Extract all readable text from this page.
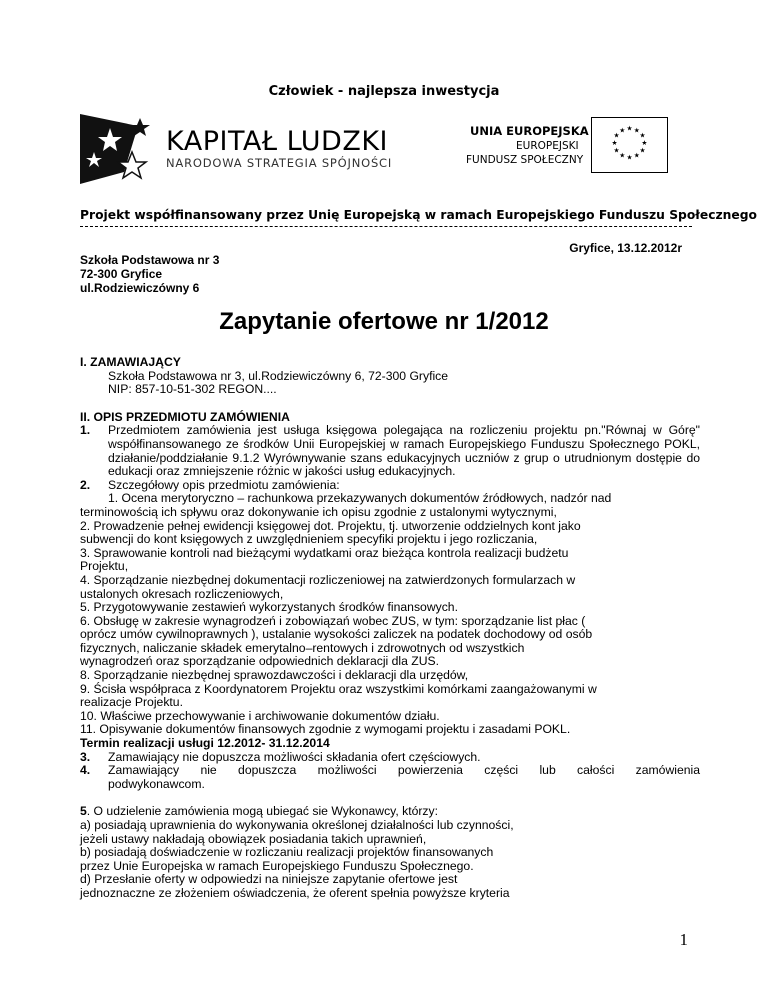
Człowiek - najlepsza inwestycja
KAPITAŁ LUDZKI
NARODOWA STRATEGIA SPÓJNOŚCI
UNIA EUROPEJSKA
EUROPEJSKI
FUNDUSZ SPOŁECZNY
★ ★
★
★
★
★
★
★
★
★
★
★
Projekt współfinansowany przez Unię Europejską w ramach Europejskiego Funduszu Społecznego
Gryfice, 13.12.2012r
Szkoła Podstawowa nr 3
72-300 Gryfice
ul.Rodziewiczówny 6
Zapytanie ofertowe nr 1/2012

I. ZAMAWIAJĄCY

Szkoła Podstawowa nr 3, ul.Rodziewiczówny 6, 72-300 Gryfice

NIP: 857-10-51-302 REGON....

II. OPIS PRZEDMIOTU ZAMÓWIENIA

1.	Przedmiotem zamówienia jest usługa księgowa polegająca na rozliczeniu projektu pn."Równaj w Górę" współfinansowanego ze środków Unii Europejskiej w ramach Europejskiego Funduszu Społecznego POKL, działanie/poddziałanie 9.1.2 Wyrównywanie szans edukacyjnych uczniów z grup o utrudnionym dostępie do edukacji oraz zmniejszenie różnic w jakości usług edukacyjnych.
2.	Szczegółowy opis przedmiotu zamówienia:

1. Ocena merytoryczno – rachunkowa przekazywanych dokumentów źródłowych, nadzór nad

terminowością ich spływu oraz dokonywanie ich opisu zgodnie z ustalonymi wytycznymi,

2. Prowadzenie pełnej ewidencji księgowej dot. Projektu, tj. utworzenie oddzielnych kont jako

subwencji do kont księgowych z uwzględnieniem specyfiki projektu i jego rozliczania,

3. Sprawowanie kontroli nad bieżącymi wydatkami oraz bieżąca kontrola realizacji budżetu

Projektu,

4. Sporządzanie niezbędnej dokumentacji rozliczeniowej na zatwierdzonych formularzach w

ustalonych okresach rozliczeniowych,

5. Przygotowywanie zestawień wykorzystanych środków finansowych.

6. Obsługę w zakresie wynagrodzeń i zobowiązań wobec ZUS, w tym: sporządzanie list płac (

oprócz umów cywilnoprawnych ), ustalanie wysokości zaliczek na podatek dochodowy od osób

fizycznych, naliczanie składek emerytalno–rentowych i zdrowotnych od wszystkich

wynagrodzeń oraz sporządzanie odpowiednich deklaracji dla ZUS.

8. Sporządzanie niezbędnej sprawozdawczości i deklaracji dla urzędów,

9. Ścisła współpraca z Koordynatorem Projektu oraz wszystkimi komórkami zaangażowanymi w

realizacje Projektu.

10. Właściwe przechowywanie i archiwowanie dokumentów działu.

11. Opisywanie dokumentów finansowych zgodnie z wymogami projektu i zasadami POKL.

Termin realizacji usługi 12.2012- 31.12.2014

3.	Zamawiający nie dopuszcza możliwości składania ofert częściowych.
4.	Zamawiający nie dopuszcza możliwości powierzenia części lub całości zamówienia
podwykonawcom.

5. O udzielenie zamówienia mogą ubiegać sie Wykonawcy, którzy:

a) posiadają uprawnienia do wykonywania określonej działalności lub czynności,

jeżeli ustawy nakładają obowiązek posiadania takich uprawnień,

b) posiadają doświadczenie w rozliczaniu realizacji projektów finansowanych

przez Unie Europejska w ramach Europejskiego Funduszu Społecznego.

d) Przesłanie oferty w odpowiedzi na niniejsze zapytanie ofertowe jest

jednoznaczne ze złożeniem oświadczenia, że oferent spełnia powyższe kryteria

1
